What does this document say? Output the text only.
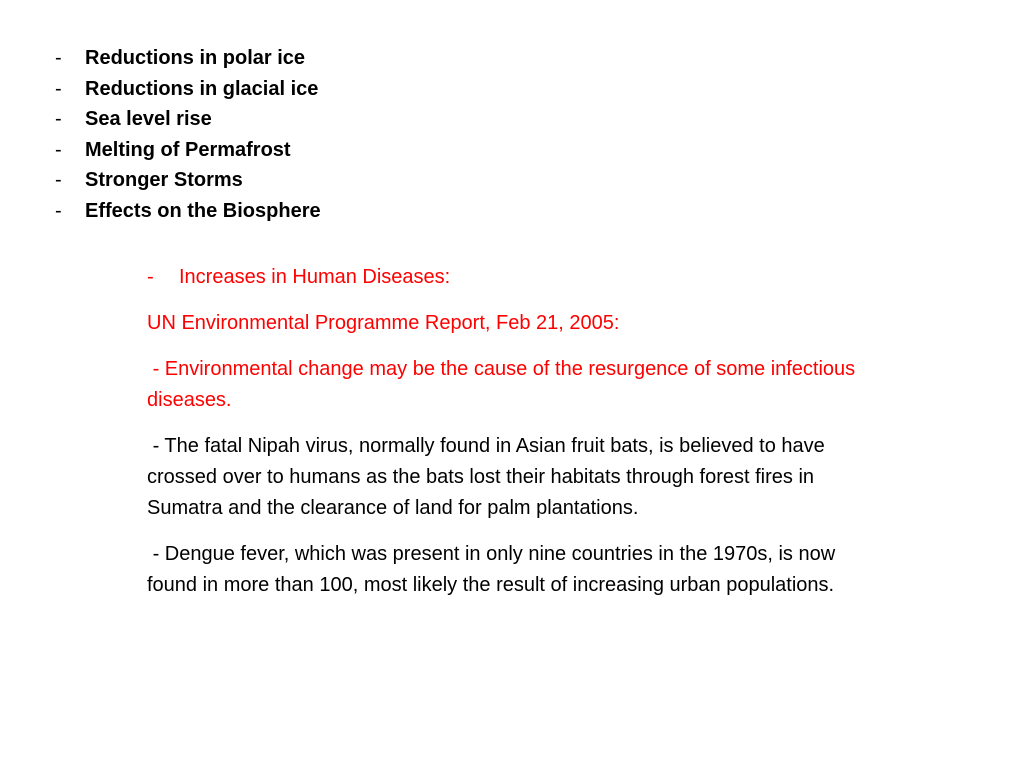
-	Reductions in polar ice
-	Reductions in glacial ice
-	Sea level rise
-	Melting of Permafrost
-	Stronger Storms
-	Effects on the Biosphere
-	Increases in Human Diseases:

UN Environmental Programme Report, Feb 21, 2005:

- Environmental change may be the cause of the resurgence of some infectious diseases.

- The fatal Nipah virus, normally found in Asian fruit bats, is believed to have crossed over to humans as the bats lost their habitats through forest fires in Sumatra and the clearance of land for palm plantations.

- Dengue fever, which was present in only nine countries in the 1970s, is now found in more than 100, most likely the result of increasing urban populations.
